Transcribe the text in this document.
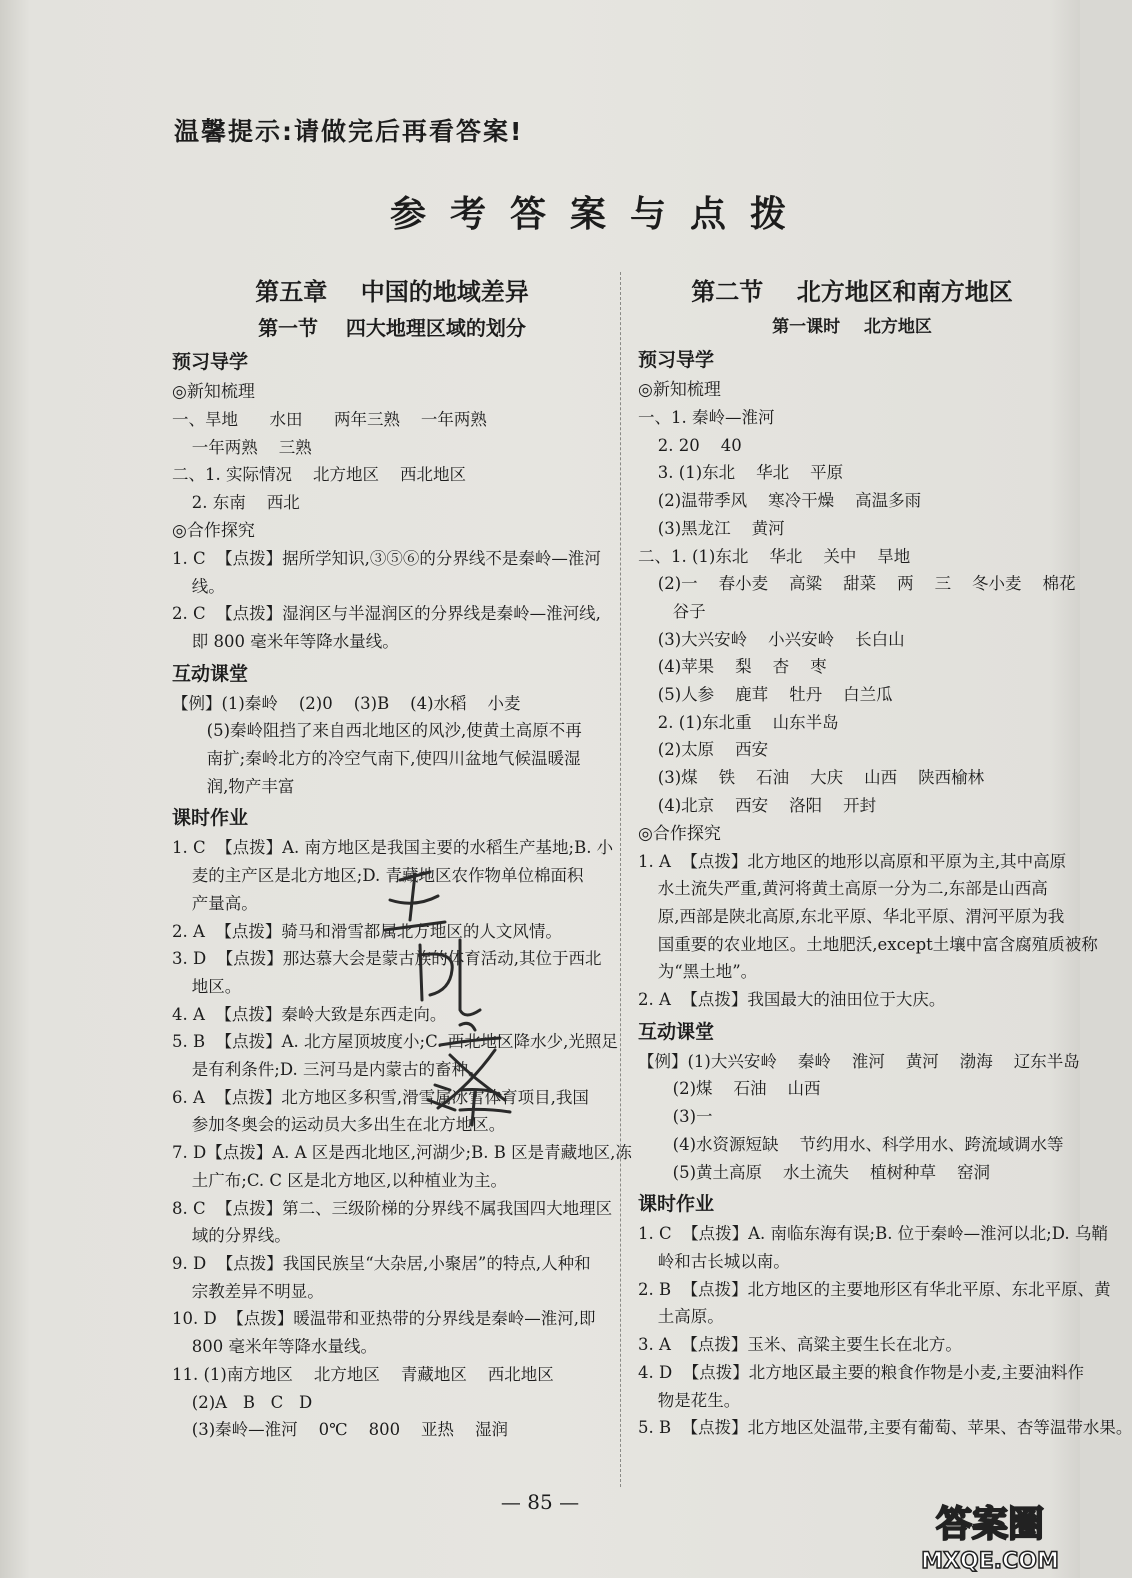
温馨提示:请做完后再看答案!
参考答案与点拨
第五章    中国的地域差异
第一节    四大地理区域的划分
预习导学
◎新知梳理
一、旱地      水田      两年三熟    一年两熟
一年两熟    三熟
二、1. 实际情况    北方地区    西北地区
2. 东南    西北
◎合作探究
1. C  【点拨】据所学知识,③⑤⑥的分界线不是秦岭—淮河
线。
2. C  【点拨】湿润区与半湿润区的分界线是秦岭—淮河线,
即 800 毫米年等降水量线。
互动课堂
【例】(1)秦岭    (2)0    (3)B    (4)水稻    小麦
(5)秦岭阻挡了来自西北地区的风沙,使黄土高原不再
南扩;秦岭北方的冷空气南下,使四川盆地气候温暖湿
润,物产丰富
课时作业
1. C  【点拨】A. 南方地区是我国主要的水稻生产基地;B. 小
麦的主产区是北方地区;D. 青藏地区农作物单位棉面积
产量高。
2. A  【点拨】骑马和滑雪都属北方地区的人文风情。
3. D  【点拨】那达慕大会是蒙古族的体育活动,其位于西北
地区。
4. A  【点拨】秦岭大致是东西走向。
5. B  【点拨】A. 北方屋顶坡度小;C. 西北地区降水少,光照足
是有利条件;D. 三河马是内蒙古的畜种。
6. A  【点拨】北方地区多积雪,滑雪属冰雪体育项目,我国
参加冬奥会的运动员大多出生在北方地区。
7. D【点拨】A. A 区是西北地区,河湖少;B. B 区是青藏地区,冻
土广布;C. C 区是北方地区,以种植业为主。
8. C  【点拨】第二、三级阶梯的分界线不属我国四大地理区
域的分界线。
9. D  【点拨】我国民族呈“大杂居,小聚居”的特点,人种和
宗教差异不明显。
10. D  【点拨】暖温带和亚热带的分界线是秦岭—淮河,即
800 毫米年等降水量线。
11. (1)南方地区    北方地区    青藏地区    西北地区
(2)A   B   C   D
(3)秦岭—淮河    0℃    800    亚热    湿润
第二节    北方地区和南方地区
第一课时    北方地区
预习导学
◎新知梳理
一、1. 秦岭—淮河
2. 20    40
3. (1)东北    华北    平原
(2)温带季风    寒冷干燥    高温多雨
(3)黑龙江    黄河
二、1. (1)东北    华北    关中    旱地
(2)一    春小麦    高粱    甜菜    两    三    冬小麦    棉花
谷子
(3)大兴安岭    小兴安岭    长白山
(4)苹果    梨    杏    枣
(5)人参    鹿茸    牡丹    白兰瓜
2. (1)东北重    山东半岛
(2)太原    西安
(3)煤    铁    石油    大庆    山西    陕西榆林
(4)北京    西安    洛阳    开封
◎合作探究
1. A  【点拨】北方地区的地形以高原和平原为主,其中高原
水土流失严重,黄河将黄土高原一分为二,东部是山西高
原,西部是陕北高原,东北平原、华北平原、渭河平原为我
国重要的农业地区。土地肥沃,except土壤中富含腐殖质被称
为“黑土地”。
2. A  【点拨】我国最大的油田位于大庆。
互动课堂
【例】(1)大兴安岭    秦岭    淮河    黄河    渤海    辽东半岛
(2)煤    石油    山西
(3)一
(4)水资源短缺    节约用水、科学用水、跨流域调水等
(5)黄土高原    水土流失    植树种草    窑洞
课时作业
1. C  【点拨】A. 南临东海有误;B. 位于秦岭—淮河以北;D. 乌鞘
岭和古长城以南。
2. B  【点拨】北方地区的主要地形区有华北平原、东北平原、黄
土高原。
3. A  【点拨】玉米、高粱主要生长在北方。
4. D  【点拨】北方地区最主要的粮食作物是小麦,主要油料作
物是花生。
5. B  【点拨】北方地区处温带,主要有葡萄、苹果、杏等温带水果。
— 85 —
答案圈
MXQE.COM
